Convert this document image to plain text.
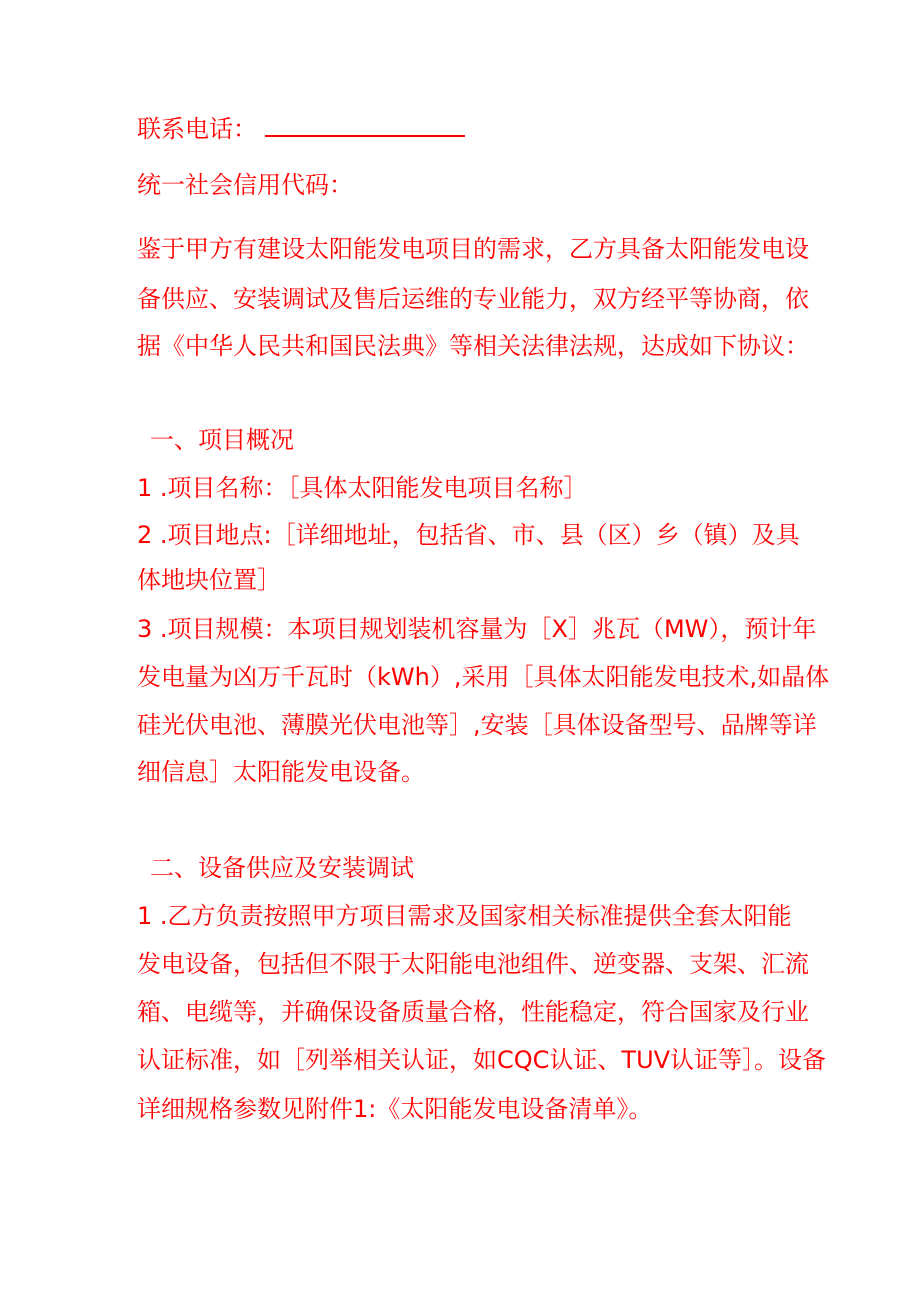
联系电话：
统一社会信用代码：
鉴于甲方有建设太阳能发电项目的需求，乙方具备太阳能发电设
备供应、安装调试及售后运维的专业能力，双方经平等协商，依
据《中华人民共和国民法典》等相关法律法规，达成如下协议：
一、项目概况
1 .项目名称：［具体太阳能发电项目名称］
2 .项目地点:［详细地址，包括省、市、县（区）乡（镇）及具
体地块位置］
3 .项目规模：本项目规划装机容量为［X］兆瓦（MW），预计年
发电量为凶万千瓦时（kWh）,采用［具体太阳能发电技术,如晶体
硅光伏电池、薄膜光伏电池等］,安装［具体设备型号、品牌等详
细信息］太阳能发电设备。
二、设备供应及安装调试
1 .乙方负责按照甲方项目需求及国家相关标准提供全套太阳能
发电设备，包括但不限于太阳能电池组件、逆变器、支架、汇流
箱、电缆等，并确保设备质量合格，性能稳定，符合国家及行业
认证标准，如［列举相关认证，如CQC认证、TUV认证等］。设备
详细规格参数见附件1:《太阳能发电设备清单》。
